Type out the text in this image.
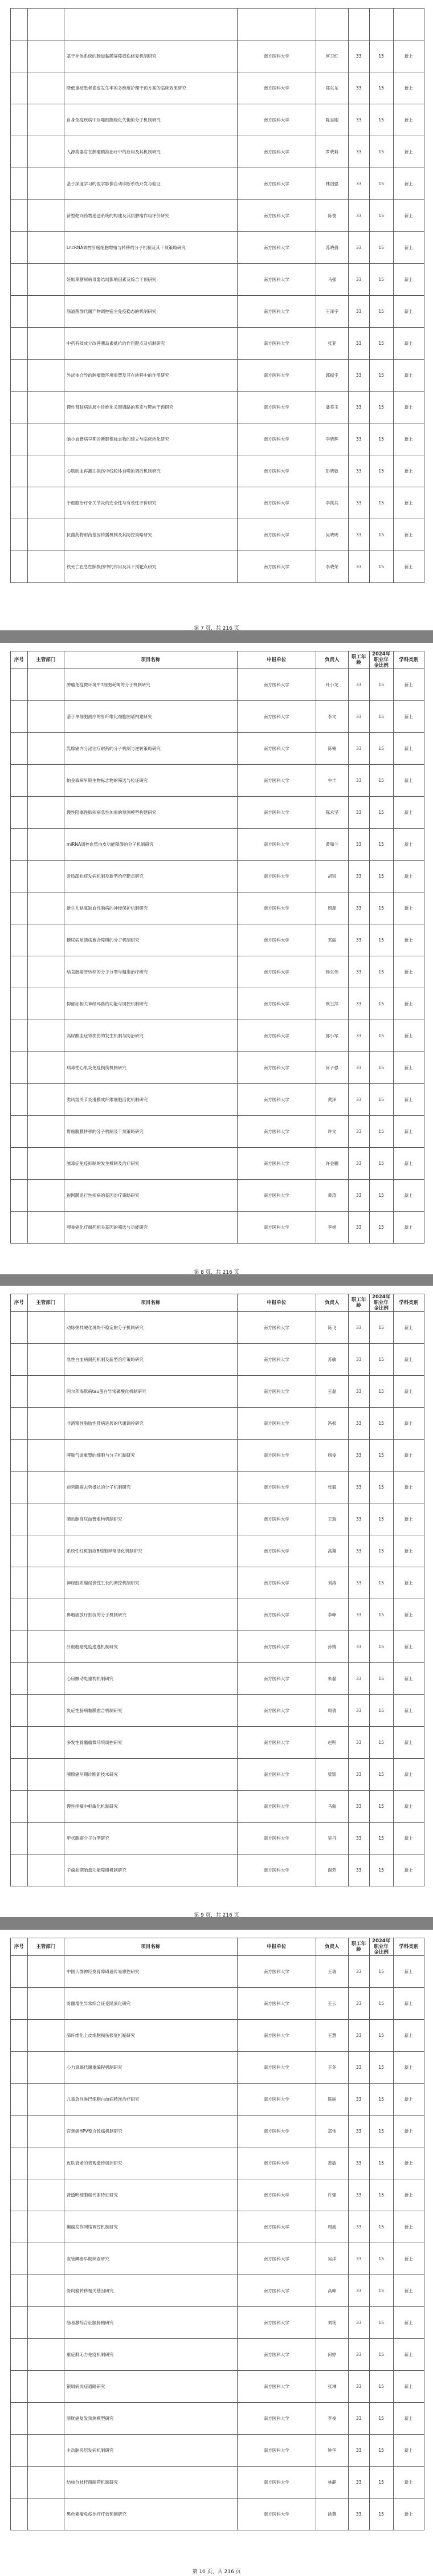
		基于补体系统的肠道黏膜屏障损伤修复机制研究	南方医科大学	何卫红	33	15	新上
		降低重症患者谵妄发生率的多维度护理干预方案的临床效果研究	南方医科大学	郑东东	33	15	新上
		自身免疫疾病中巨噬细胞极化失衡的分子机制研究	南方医科大学	陈志刚	33	15	新上
		人源类器官在肿瘤精准治疗中的应用及其机制研究	南方医科大学	罗晓莉	33	15	新上
		基于深度学习的医学影像自动诊断系统开发与验证	南方医科大学	林国强	33	15	新上
		新型靶向药物递送系统的构建及其抗肿瘤作用评价研究	南方医科大学	陈俊	33	15	新上
		LncRNA调控肝癌细胞增殖与转移的分子机制及其干预策略研究	南方医科大学	苏晓倩	33	15	新上
		妊娠期糖尿病母婴结局影响因素及综合干预研究	南方医科大学	马强	33	15	新上
		肠道菌群代谢产物调控宿主免疫稳态的机制研究	南方医科大学	王泽宇	33	15	新上
		中药有效成分改善胰岛素抵抗的作用靶点及机制研究	南方医科大学	张亚	33	15	新上
		外泌体介导的肿瘤微环境重塑及其在转移中的作用研究	南方医科大学	郭振宇	33	15	新上
		慢性肾脏病进展中纤维化关键通路的鉴定与靶向干预研究	南方医科大学	潘美玉	33	15	新上
		脑小血管病早期诊断影像标志物的建立与临床转化研究	南方医科大学	李晓辉	33	15	新上
		心肌缺血再灌注损伤中线粒体自噬的调控机制研究	南方医科大学	彭晓敏	33	15	新上
		干细胞治疗骨关节炎的安全性与有效性评价研究	南方医科大学	李凯兵	33	15	新上
		抗菌药物耐药基因传播机制及其防控策略研究	南方医科大学	吴晓明	33	15	新上
		铁死亡在急性肺损伤中的作用及其干预靶点研究	南方医科大学	李晓荣	33	15	新上
第 7 页，共 216 页
序号	主管部门	项目名称	申报单位	负责人	职工年龄	2024年职业年金比例	学科类别
		肿瘤免疫微环境中T细胞耗竭的分子机制研究	南方医科大学	叶小龙	33	15	新上
		基于单细胞测序的肝纤维化细胞图谱构建研究	南方医科大学	李文	33	15	新上
		乳腺癌内分泌治疗耐药的分子机制与逆转策略研究	南方医科大学	陈楠	33	15	新上
		帕金森病早期生物标志物的筛选与验证研究	南方医科大学	牛丰	33	15	新上
		慢性阻塞性肺疾病急性加重的预测模型构建研究	南方医科大学	陈永坚	33	15	新上
		miRNA调控血管内皮功能障碍的分子机制研究	南方医科大学	黄和兰	33	15	新上
		骨质疏松症发病机制及新型治疗靶点研究	南方医科大学	胡锐	33	15	新上
		新生儿缺氧缺血性脑病的神经保护机制研究	南方医科大学	周源	33	15	新上
		糖尿病足溃疡愈合障碍的分子机制研究	南方医科大学	邓丽	33	15	新上
		结直肠癌肝转移的分子分型与精准治疗研究	南方医科大学	杨东伟	33	15	新上
		抑郁症相关神经环路的功能与调控机制研究	南方医科大学	欧玉萍	33	15	新上
		高尿酸血症肾损伤的发生机制与防治研究	南方医科大学	郭小军	33	15	新上
		病毒性心肌炎免疫损伤机制研究	南方医科大学	何子强	33	15	新上
		类风湿关节炎滑膜成纤维细胞活化机制研究	南方医科大学	黄泽	33	15	新上
		胃癌腹膜转移的分子机制及干预策略研究	南方医科大学	许文	33	15	新上
		脓毒症免疫抑制的发生机制及治疗研究	南方医科大学	许金鹏	33	15	新上
		视网膜退行性疾病的基因治疗策略研究	南方医科大学	黄涛	33	15	新上
		卵巢癌化疗耐药相关基因的筛选与功能研究	南方医科大学	李娟	33	15	新上
第 8 页，共 216 页
序号	主管部门	项目名称	申报单位	负责人	职工年龄	2024年职业年金比例	学科类别
		动脉粥样硬化斑块不稳定的分子机制研究	南方医科大学	陈飞	33	15	新上
		急性白血病耐药机制及新型治疗策略研究	南方医科大学	苏敏	33	15	新上
		阿尔茨海默病tau蛋白异常磷酸化机制研究	南方医科大学	王磊	33	15	新上
		非酒精性脂肪性肝病进展的代谢调控研究	南方医科大学	冯振	33	15	新上
		哮喘气道重塑的细胞与分子机制研究	南方医科大学	杨俊	33	15	新上
		前列腺癌去势抵抗的分子机制研究	南方医科大学	张毅	33	15	新上
		肺动脉高压血管重构机制研究	南方医科大学	王瑞	33	15	新上
		系统性红斑狼疮B细胞异常活化机制研究	南方医科大学	高翔	33	15	新上
		神经胶质瘤侵袭性生长的调控机制研究	南方医科大学	刘涛	33	15	新上
		鼻咽癌放疗抵抗的分子机制研究	南方医科大学	李峰	33	15	新上
		肝细胞癌免疫逃逸机制研究	南方医科大学	孙婧	33	15	新上
		心房颤动电重构机制研究	南方医科大学	朱磊	33	15	新上
		炎症性肠病黏膜愈合机制研究	南方医科大学	周倩	33	15	新上
		多发性骨髓瘤微环境调控研究	南方医科大学	赵明	33	15	新上
		胰腺癌早期诊断新技术研究	南方医科大学	梁颖	33	15	新上
		慢性疼痛中枢敏化机制研究	南方医科大学	马骏	33	15	新上
		甲状腺癌分子分型研究	南方医科大学	吴丹	33	15	新上
		子痫前期胎盘功能障碍机制研究	南方医科大学	谢芳	33	15	新上
第 9 页，共 216 页
序号	主管部门	项目名称	申报单位	负责人	职工年龄	2024年职业年金比例	学科类别
		中国人群神经发育障碍遗传易感性研究	南方医科大学	王瑞	33	15	新上
		骨髓增生异常综合征克隆演化研究	南方医科大学	王云	33	15	新上
		肺纤维化上皮细胞损伤修复机制研究	南方医科大学	王慧	33	15	新上
		心力衰竭代谢重编程机制研究	南方医科大学	王冬	33	15	新上
		儿童急性淋巴细胞白血病精准治疗研究	南方医科大学	陈丽	33	15	新上
		宫颈癌HPV整合致癌机制研究	南方医科大学	郑伟	33	15	新上
		皮肤衰老的表观遗传调控研究	南方医科大学	黄敏	33	15	新上
		肾透明细胞癌代谢特征研究	南方医科大学	许强	33	15	新上
		癫痫发作网络调控机制研究	南方医科大学	周波	33	15	新上
		食管鳞癌早期筛查研究	南方医科大学	吴洋	33	15	新上
		骨肉瘤转移相关基因研究	南方医科大学	高峰	33	15	新上
		肠易激综合征脑肠轴研究	南方医科大学	刘艳	33	15	新上
		重症肌无力免疫机制研究	南方医科大学	何婷	33	15	新上
		银屑病炎症通路研究	南方医科大学	张琳	33	15	新上
		膀胱癌复发预测模型研究	南方医科大学	李俊	33	15	新上
		主动脉夹层发病机制研究	南方医科大学	钟华	33	15	新上
		结核分枝杆菌耐药机制研究	南方医科大学	林静	33	15	新上
		黑色素瘤免疫治疗疗效预测研究	南方医科大学	徐燕	33	15	新上
第 10 页，共 216 页
